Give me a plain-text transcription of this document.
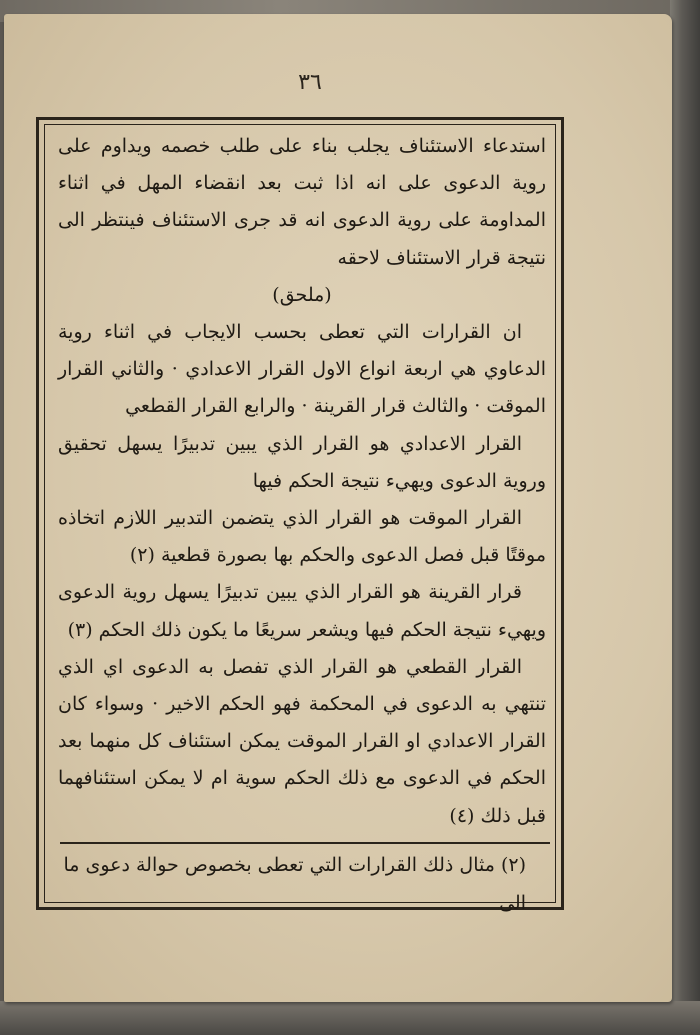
٣٦

استدعاء الاستئناف يجلب بناء على طلب خصمه ويداوم على روية الدعوى على انه اذا ثبت بعد انقضاء المهل في اثناء المداومة على روية الدعوى انه قد جرى الاستئناف فينتظر الى نتيجة قرار الاستئناف لاحقه

(ملحق)

ان القرارات التي تعطى بحسب الايجاب في اثناء روية الدعاوي هي اربعة انواع الاول القرار الاعدادي · والثاني القرار الموقت · والثالث قرار القرينة · والرابع القرار القطعي

القرار الاعدادي هو القرار الذي يبين تدبيرًا يسهل تحقيق وروية الدعوى ويهيء نتيجة الحكم فيها

القرار الموقت هو القرار الذي يتضمن التدبير اللازم اتخاذه موقتًا قبل فصل الدعوى والحكم بها بصورة قطعية (٢)

قرار القرينة هو القرار الذي يبين تدبيرًا يسهل روية الدعوى ويهيء نتيجة الحكم فيها ويشعر سريعًا ما يكون ذلك الحكم (٣)

القرار القطعي هو القرار الذي تفصل به الدعوى اي الذي تنتهي به الدعوى في المحكمة فهو الحكم الاخير · وسواء كان القرار الاعدادي او القرار الموقت يمكن استئناف كل منهما بعد الحكم في الدعوى مع ذلك الحكم سوية ام لا يمكن استئنافهما قبل ذلك (٤)

(٢) مثال ذلك القرارات التي تعطى بخصوص حوالة دعوى ما الى
